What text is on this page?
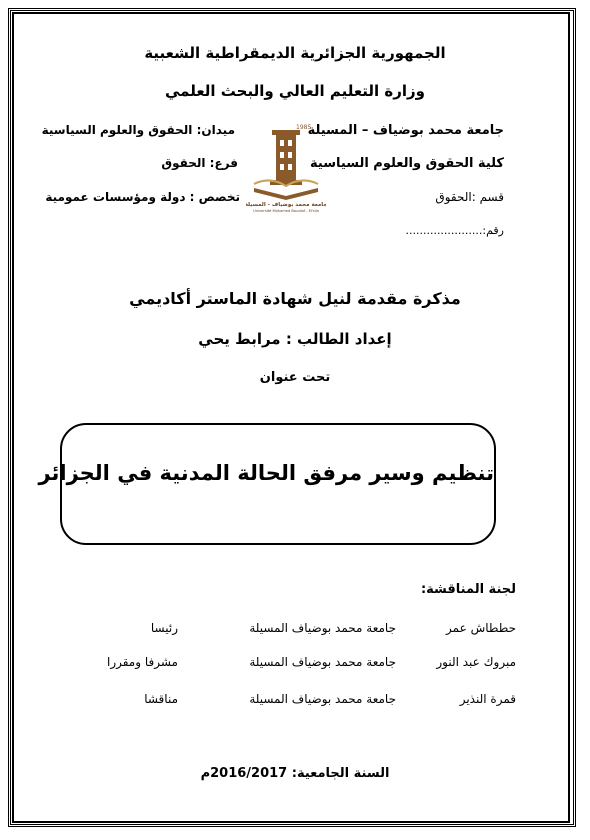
الجمهورية الجزائرية الديمقراطية الشعبية
وزارة التعليم العالي والبحث العلمي
جامعة محمد بوضياف – المسيلة
كلية الحقوق والعلوم السياسية
قسم :الحقوق
رقم:......................
ميدان: الحقوق والعلوم السياسية
فرع: الحقوق
تخصص : دولة ومؤسسات عمومية
1985
جامعة محمد بوضياف - المسيلة
Université Mohamed Boudiaf - M'sila
مذكرة مقدمة لنيل شهادة الماستر أكاديمي
إعداد الطالب : مرابط يحي
تحت عنوان
تنظيم وسير مرفق الحالة المدنية في الجزائر
لجنة المناقشة:
حططاش عمر
جامعة محمد بوضياف المسيلة
رئيسا
مبروك عبد النور
جامعة محمد بوضياف المسيلة
مشرفا ومقررا
قمرة النذير
جامعة محمد بوضياف المسيلة
مناقشا
السنة الجامعية: 2016/2017م
